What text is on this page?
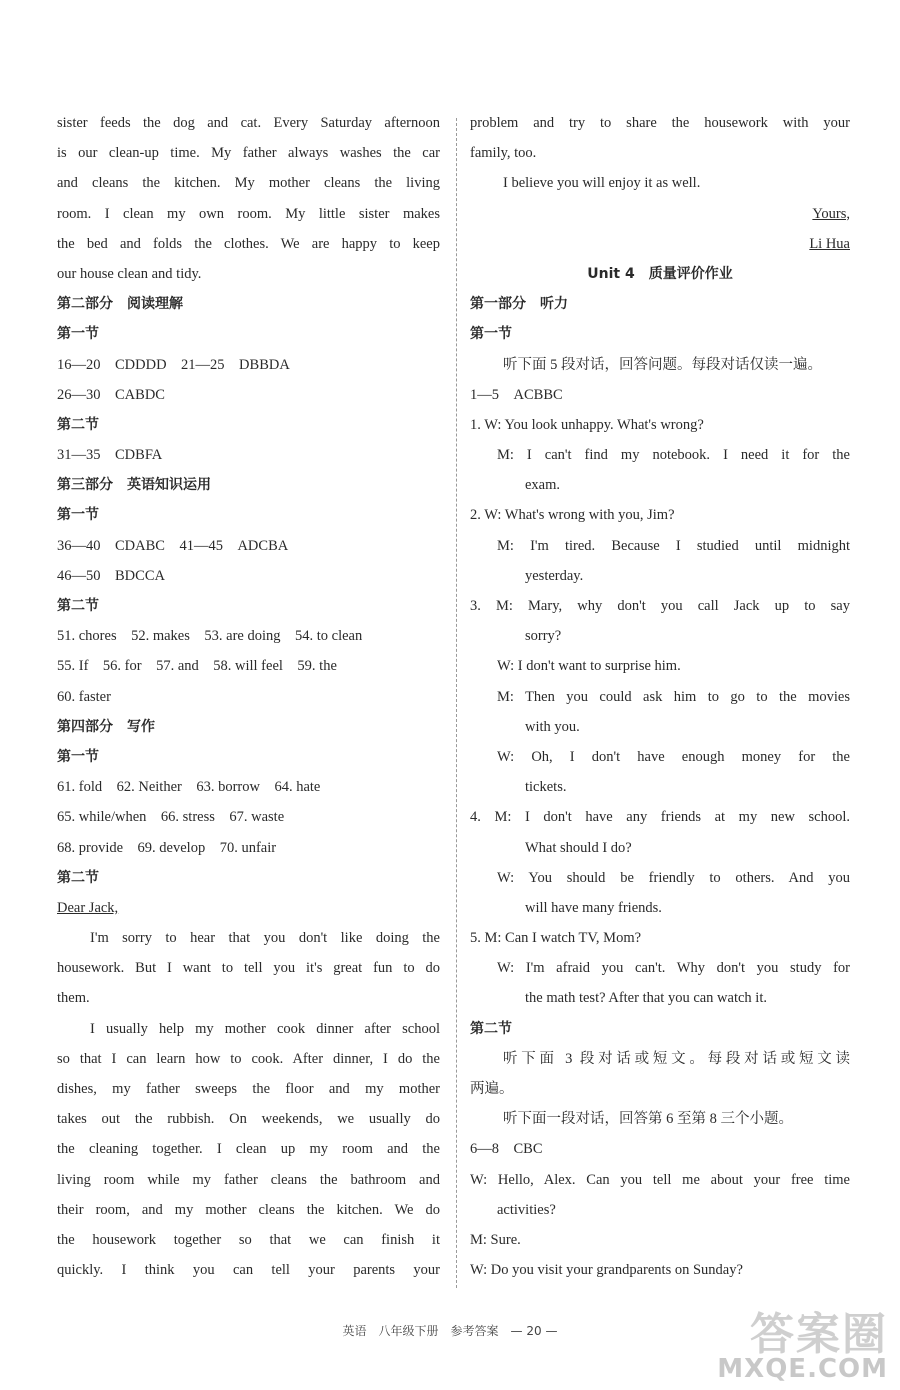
sister feeds the dog and cat. Every Saturday afternoon
is our clean-up time. My father always washes the car
and cleans the kitchen. My mother cleans the living
room. I clean my own room. My little sister makes
the bed and folds the clothes. We are happy to keep
our house clean and tidy.
第二部分　阅读理解
第一节
16—20　CDDDD　21—25　DBBDA
26—30　CABDC
第二节
31—35　CDBFA
第三部分　英语知识运用
第一节
36—40　CDABC　41—45　ADCBA
46—50　BDCCA
第二节
51. chores　52. makes　53. are doing　54. to clean
55. If　56. for　57. and　58. will feel　59. the
60. faster
第四部分　写作
第一节
61. fold　62. Neither　63. borrow　64. hate
65. while/when　66. stress　67. waste
68. provide　69. develop　70. unfair
第二节
Dear Jack,
I'm sorry to hear that you don't like doing the
housework. But I want to tell you it's great fun to do
them.
I usually help my mother cook dinner after school
so that I can learn how to cook. After dinner, I do the
dishes, my father sweeps the floor and my mother
takes out the rubbish. On weekends, we usually do
the cleaning together. I clean up my room and the
living room while my father cleans the bathroom and
their room, and my mother cleans the kitchen. We do
the housework together so that we can finish it
quickly. I think you can tell your parents your
problem and try to share the housework with your
family, too.
I believe you will enjoy it as well.
Yours,
Li Hua
Unit 4　质量评价作业
第一部分　听力
第一节
听下面 5 段对话，回答问题。每段对话仅读一遍。
1—5　ACBBC
1. W: You look unhappy. What's wrong?
M: I can't find my notebook. I need it for the
exam.
2. W: What's wrong with you, Jim?
M: I'm tired. Because I studied until midnight
yesterday.
3. M: Mary, why don't you call Jack up to say
sorry?
W: I don't want to surprise him.
M: Then you could ask him to go to the movies
with you.
W: Oh, I don't have enough money for the
tickets.
4. M: I don't have any friends at my new school.
What should I do?
W: You should be friendly to others. And you
will have many friends.
5. M: Can I watch TV, Mom?
W: I'm afraid you can't. Why don't you study for
the math test? After that you can watch it.
第二节
听下面 3 段对话或短文。每段对话或短文读
两遍。
听下面一段对话，回答第 6 至第 8 三个小题。
6—8　CBC
W: Hello, Alex. Can you tell me about your free time
activities?
M: Sure.
W: Do you visit your grandparents on Sunday?
英语　八年级下册　参考答案　— 20 —	答案圈
MXQE.COM
